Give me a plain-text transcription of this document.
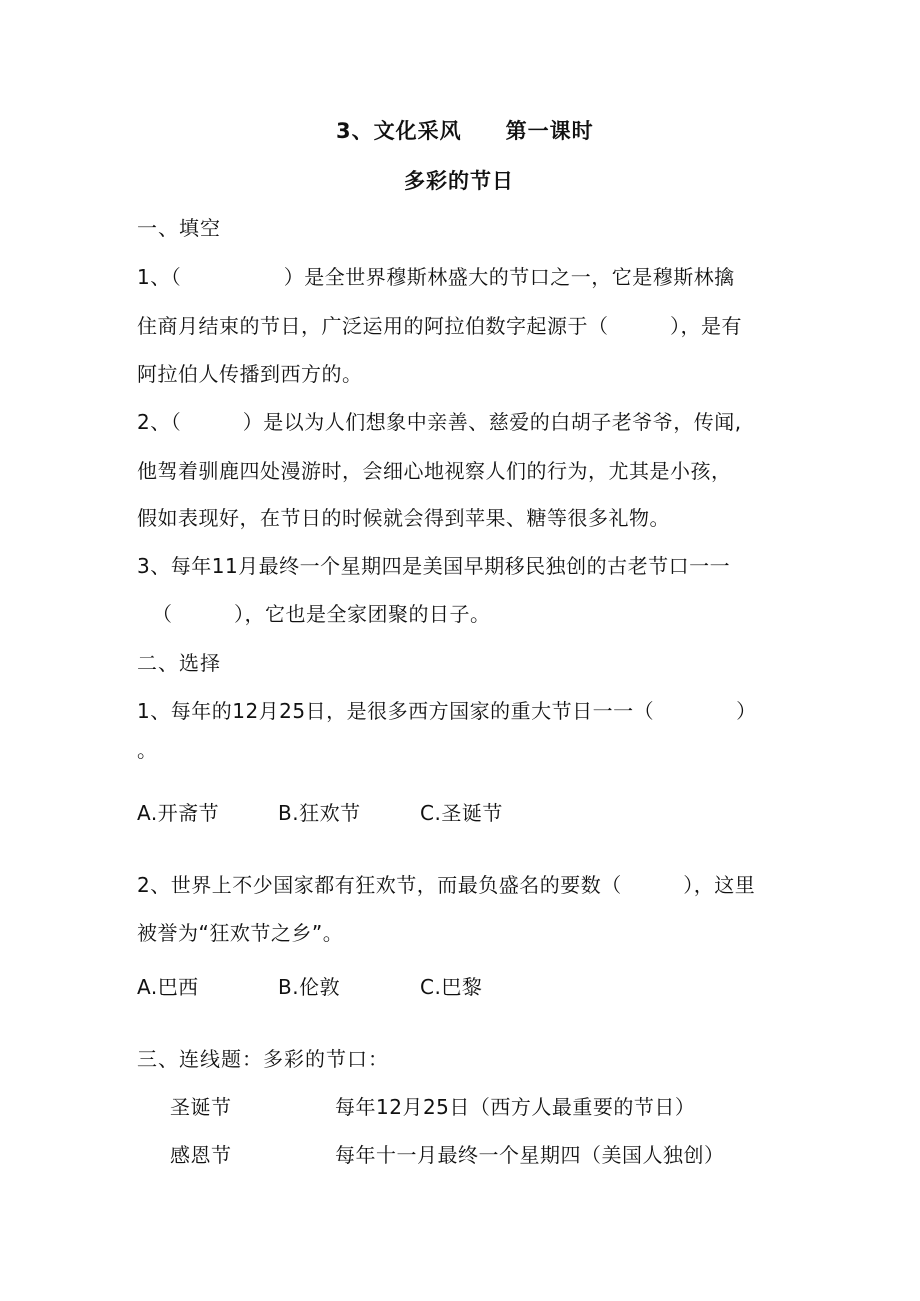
3、文化采风　　第一课时
多彩的节日
一、填空
1、（　　　　　）是全世界穆斯林盛大的节口之一，它是穆斯林擒
住商月结束的节日，广泛运用的阿拉伯数字起源于（　　　），是有
阿拉伯人传播到西方的。
2、（　　　）是以为人们想象中亲善、慈爱的白胡子老爷爷，传闻,
他驾着驯鹿四处漫游时，会细心地视察人们的行为，尤其是小孩，
假如表现好，在节日的时候就会得到苹果、糖等很多礼物。
3、每年11月最终一个星期四是美国早期移民独创的古老节口一一
（　　　），它也是全家团聚的日子。
二、选择
1、每年的12月25日，是很多西方国家的重大节日一一（　　　　）
。
A.开斋节	B.狂欢节	C.圣诞节
2、世界上不少国家都有狂欢节，而最负盛名的要数（　　　），这里
被誉为“狂欢节之乡”。
A.巴西	B.伦敦	C.巴黎
三、连线题：多彩的节口：
圣诞节	每年12月25日（西方人最重要的节日）
感恩节	每年十一月最终一个星期四（美国人独创）
